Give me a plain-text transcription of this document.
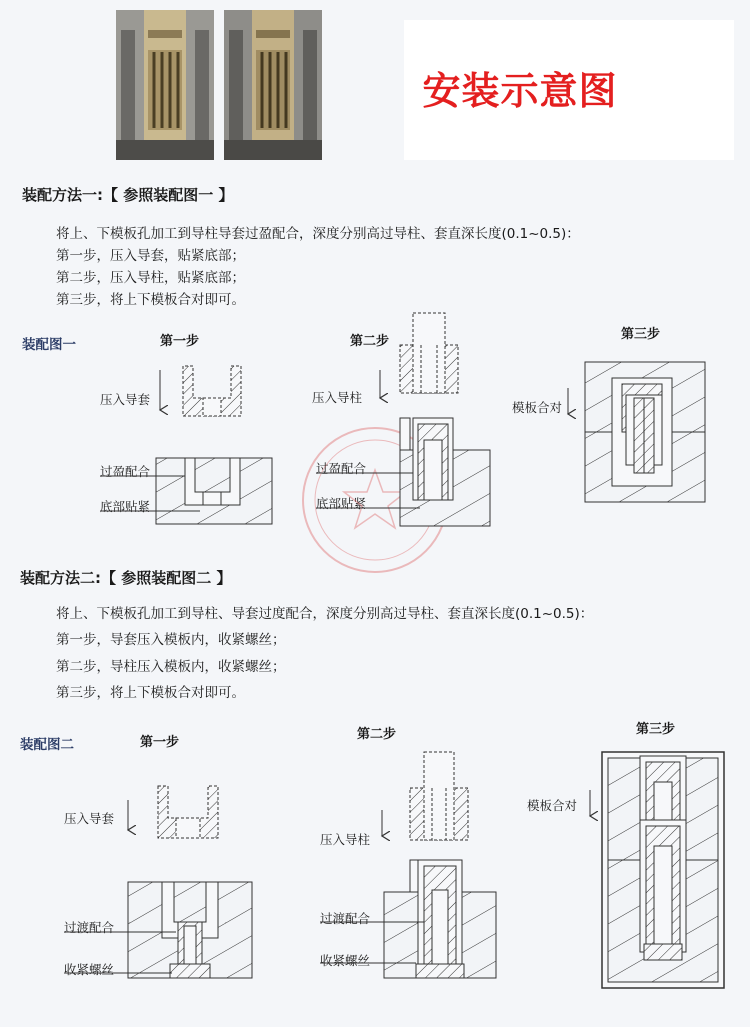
安装示意图
装配方法一:【 参照装配图一 】
将上、下模板孔加工到导柱导套过盈配合，深度分别高过导柱、套直深长度(0.1~0.5)：
第一步，压入导套，贴紧底部；
第二步，压入导柱，贴紧底部；
第三步，将上下模板合对即可。
装配图一	第一步	第二步	第三步
压入导套	压入导柱
模板合对
过盈配合
底部贴紧
过盈配合
底部贴紧
装配方法二:【 参照装配图二 】
将上、下模板孔加工到导柱、导套过度配合，深度分别高过导柱、套直深长度(0.1~0.5)：
第一步，导套压入模板内，收紧螺丝；
第二步，导柱压入模板内，收紧螺丝；
第三步，将上下模板合对即可。
装配图二	第一步
第二步	第三步
压入导套
压入导柱
模板合对
过渡配合
收紧螺丝
过渡配合
收紧螺丝
